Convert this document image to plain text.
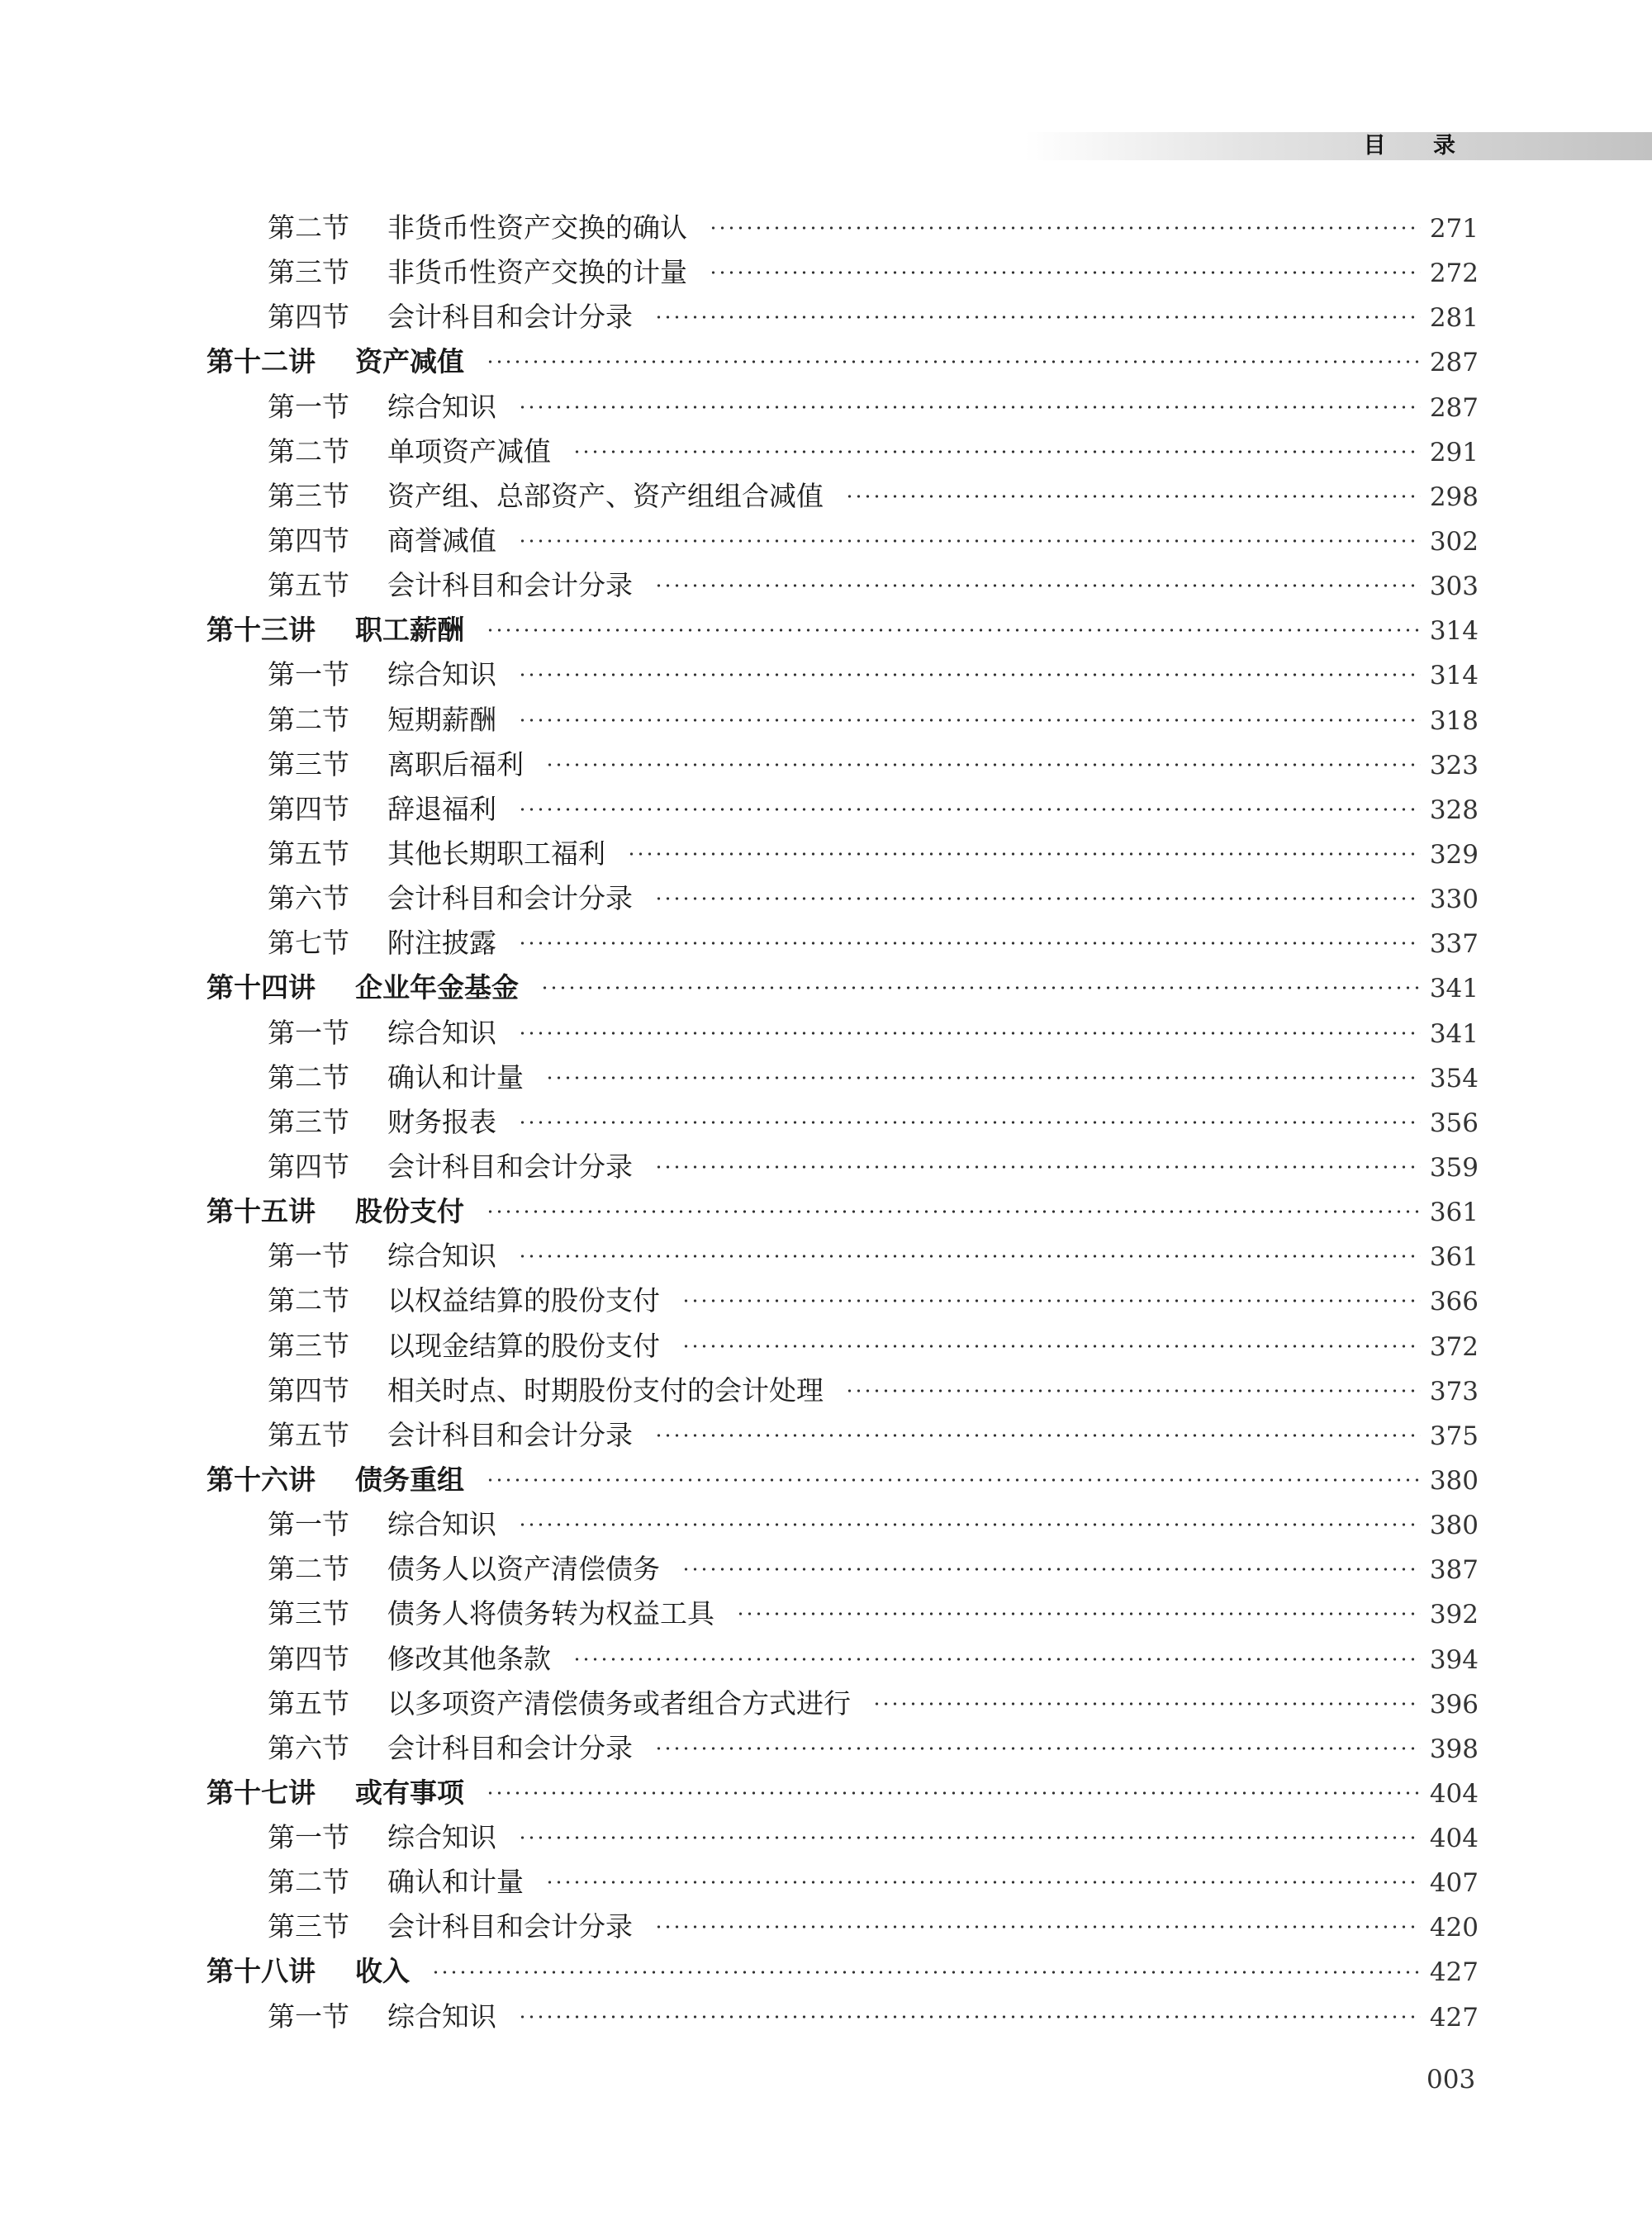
目 录
第二节	非货币性资产交换的确认	271
第三节	非货币性资产交换的计量	272
第四节	会计科目和会计分录	281
第十二讲	资产减值	287
第一节	综合知识	287
第二节	单项资产减值	291
第三节	资产组、总部资产、资产组组合减值	298
第四节	商誉减值	302
第五节	会计科目和会计分录	303
第十三讲	职工薪酬	314
第一节	综合知识	314
第二节	短期薪酬	318
第三节	离职后福利	323
第四节	辞退福利	328
第五节	其他长期职工福利	329
第六节	会计科目和会计分录	330
第七节	附注披露	337
第十四讲	企业年金基金	341
第一节	综合知识	341
第二节	确认和计量	354
第三节	财务报表	356
第四节	会计科目和会计分录	359
第十五讲	股份支付	361
第一节	综合知识	361
第二节	以权益结算的股份支付	366
第三节	以现金结算的股份支付	372
第四节	相关时点、时期股份支付的会计处理	373
第五节	会计科目和会计分录	375
第十六讲	债务重组	380
第一节	综合知识	380
第二节	债务人以资产清偿债务	387
第三节	债务人将债务转为权益工具	392
第四节	修改其他条款	394
第五节	以多项资产清偿债务或者组合方式进行	396
第六节	会计科目和会计分录	398
第十七讲	或有事项	404
第一节	综合知识	404
第二节	确认和计量	407
第三节	会计科目和会计分录	420
第十八讲	收入	427
第一节	综合知识	427
003
